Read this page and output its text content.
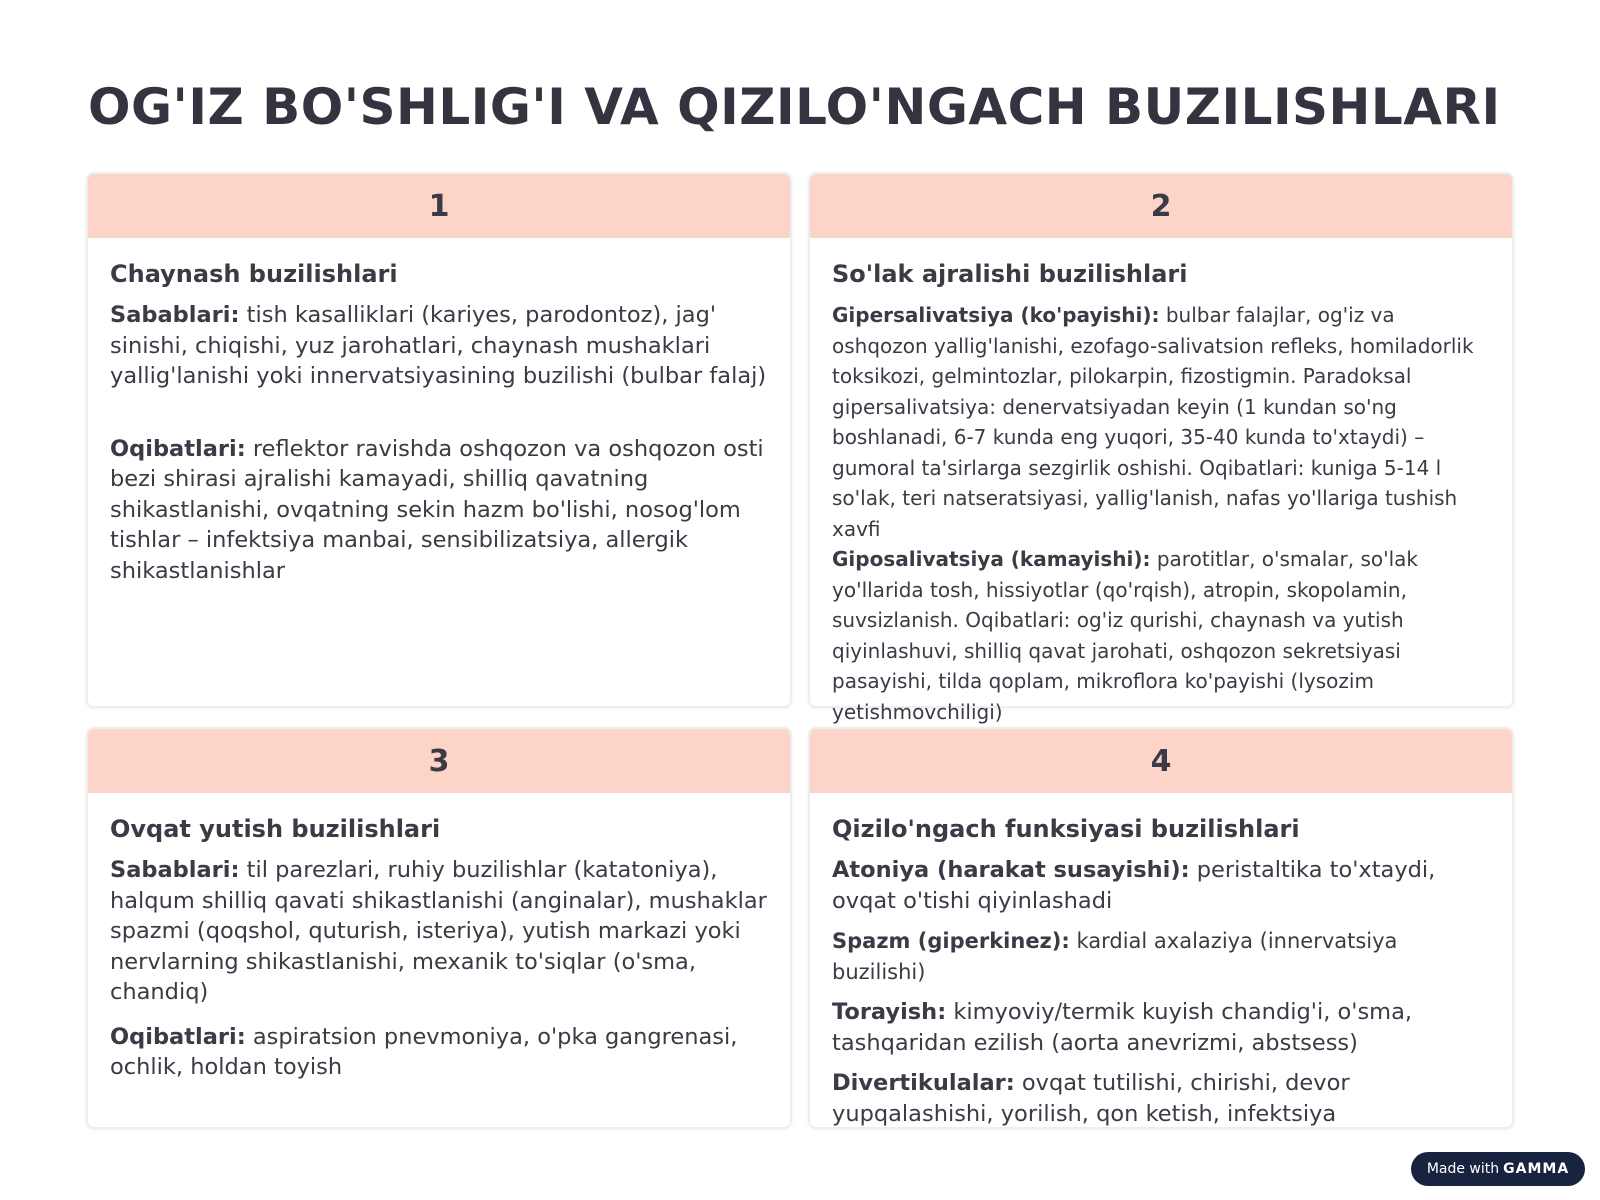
OG'IZ BO'SHLIG'I VA QIZILO'NGACH BUZILISHLARI
1
Chaynash buzilishlari

Sabablari: tish kasalliklari (kariyes, parodontoz), jag' sinishi, chiqishi, yuz jarohatlari, chaynash mushaklari yallig'lanishi yoki innervatsiyasining buzilishi (bulbar falaj)

Oqibatlari: reflektor ravishda oshqozon va oshqozon osti bezi shirasi ajralishi kamayadi, shilliq qavatning shikastlanishi, ovqatning sekin hazm bo'lishi, nosog'lom tishlar – infektsiya manbai, sensibilizatsiya, allergik shikastlanishlar

2
So'lak ajralishi buzilishlari

Gipersalivatsiya (ko'payishi): bulbar falajlar, og'iz va oshqozon yallig'lanishi, ezofago-salivatsion refleks, homiladorlik toksikozi, gelmintozlar, pilokarpin, fizostigmin. Paradoksal gipersalivatsiya: denervatsiyadan keyin (1 kundan so'ng boshlanadi, 6-7 kunda eng yuqori, 35-40 kunda to'xtaydi) – gumoral ta'sirlarga sezgirlik oshishi. Oqibatlari: kuniga 5-14 l so'lak, teri natseratsiyasi, yallig'lanish, nafas yo'llariga tushish xavfi

Giposalivatsiya (kamayishi): parotitlar, o'smalar, so'lak yo'llarida tosh, hissiyotlar (qo'rqish), atropin, skopolamin, suvsizlanish. Oqibatlari: og'iz qurishi, chaynash va yutish qiyinlashuvi, shilliq qavat jarohati, oshqozon sekretsiyasi pasayishi, tilda qoplam, mikroflora ko'payishi (lysozim yetishmovchiligi)

3
Ovqat yutish buzilishlari

Sabablari: til parezlari, ruhiy buzilishlar (katatoniya), halqum shilliq qavati shikastlanishi (anginalar), mushaklar spazmi (qoqshol, quturish, isteriya), yutish markazi yoki nervlarning shikastlanishi, mexanik to'siqlar (o'sma, chandiq)

Oqibatlari: aspiratsion pnevmoniya, o'pka gangrenasi, ochlik, holdan toyish

4
Qizilo'ngach funksiyasi buzilishlari

Atoniya (harakat susayishi): peristaltika to'xtaydi, ovqat o'tishi qiyinlashadi

Spazm (giperkinez): kardial axalaziya (innervatsiya buzilishi)

Torayish: kimyoviy/termik kuyish chandig'i, o'sma, tashqaridan ezilish (aorta anevrizmi, abstsess)

Divertikulalar: ovqat tutilishi, chirishi, devor yupqalashishi, yorilish, qon ketish, infektsiya

Made with GAMMA
